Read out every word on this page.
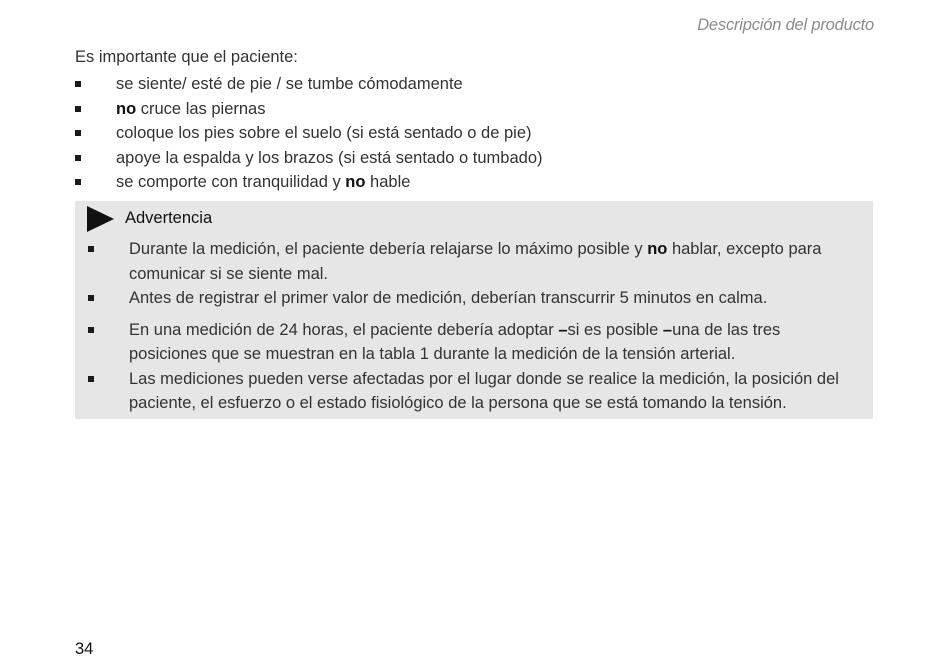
Descripción del producto
Es importante que el paciente:
se siente/ esté de pie / se tumbe cómodamente
no cruce las piernas
coloque los pies sobre el suelo (si está sentado o de pie)
apoye la espalda y los brazos (si está sentado o tumbado)
se comporte con tranquilidad y no hable
Advertencia
Durante la medición, el paciente debería relajarse lo máximo posible y no hablar, excepto para comunicar si se siente mal.
Antes de registrar el primer valor de medición, deberían transcurrir 5 minutos en calma.
En una medición de 24 horas, el paciente debería adoptar –si es posible –una de las tres posiciones que se muestran en la tabla 1 durante la medición de la tensión arterial.
Las mediciones pueden verse afectadas por el lugar donde se realice la medición, la posición del paciente, el esfuerzo o el estado fisiológico de la persona que se está tomando la tensión.
34
